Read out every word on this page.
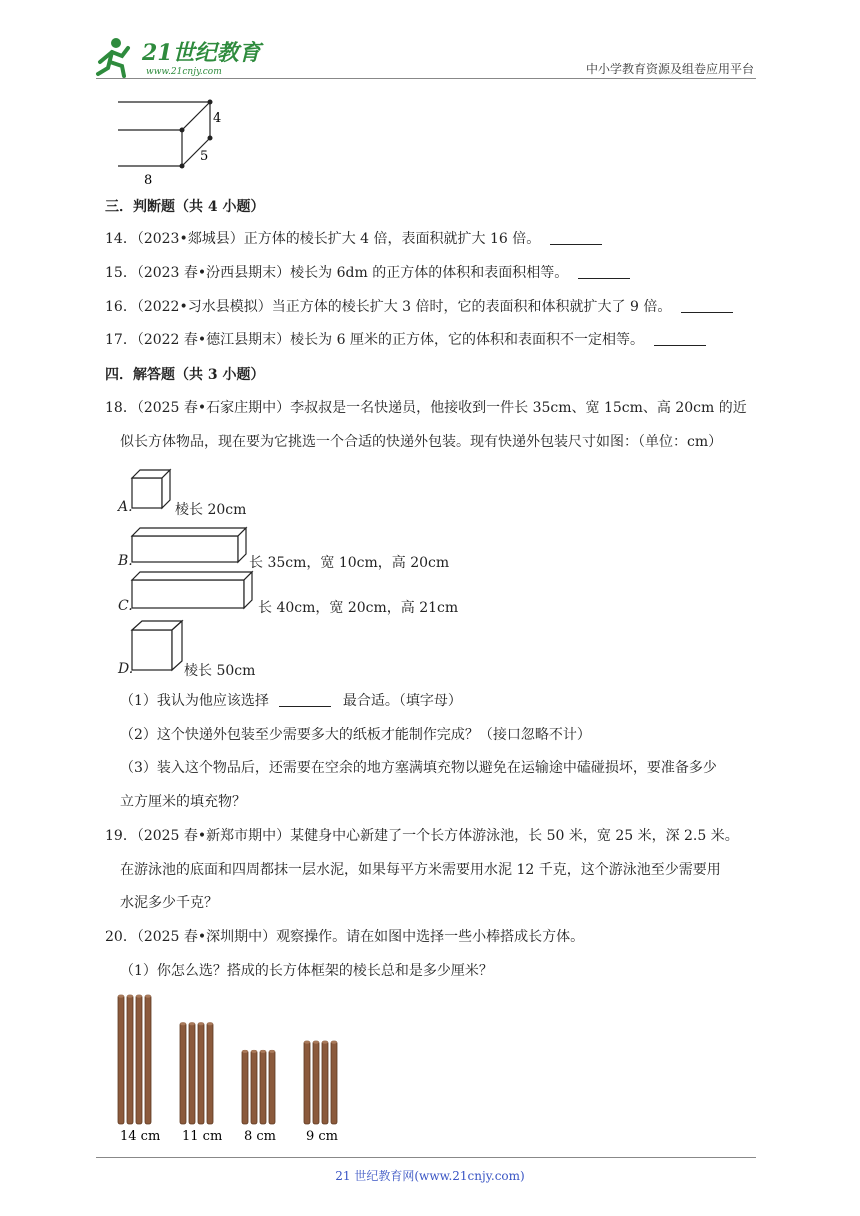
21世纪教育
www.21cnjy.com	中小学教育资源及组卷应用平台
4
5
8
三．判断题（共 4 小题）
14．（2023•郯城县）正方体的棱长扩大 4 倍，表面积就扩大 16 倍。
15．（2023 春•汾西县期末）棱长为 6dm 的正方体的体积和表面积相等。
16．（2022•习水县模拟）当正方体的棱长扩大 3 倍时，它的表面积和体积就扩大了 9 倍。
17．（2022 春•德江县期末）棱长为 6 厘米的正方体，它的体积和表面积不一定相等。
四．解答题（共 3 小题）
18．（2025 春•石家庄期中）李叔叔是一名快递员，他接收到一件长 35cm、宽 15cm、高 20cm 的近
似长方体物品，现在要为它挑选一个合适的快递外包装。现有快递外包装尺寸如图：（单位：cm）
A.	棱长 20cm
B.	长 35cm，宽 10cm，高 20cm
C.	长 40cm，宽 20cm，高 21cm
D.	棱长 50cm
（1）我认为他应该选择	最合适。（填字母）
（2）这个快递外包装至少需要多大的纸板才能制作完成？（接口忽略不计）
（3）装入这个物品后，还需要在空余的地方塞满填充物以避免在运输途中磕碰损坏，要准备多少
立方厘米的填充物？
19．（2025 春•新郑市期中）某健身中心新建了一个长方体游泳池，长 50 米，宽 25 米，深 2.5 米。
在游泳池的底面和四周都抹一层水泥，如果每平方米需要用水泥 12 千克，这个游泳池至少需要用
水泥多少千克？
20．（2025 春•深圳期中）观察操作。请在如图中选择一些小棒搭成长方体。
（1）你怎么选？搭成的长方体框架的棱长总和是多少厘米？
14 cm 11 cm 8 cm 9 cm
21 世纪教育网(www.21cnjy.com)
